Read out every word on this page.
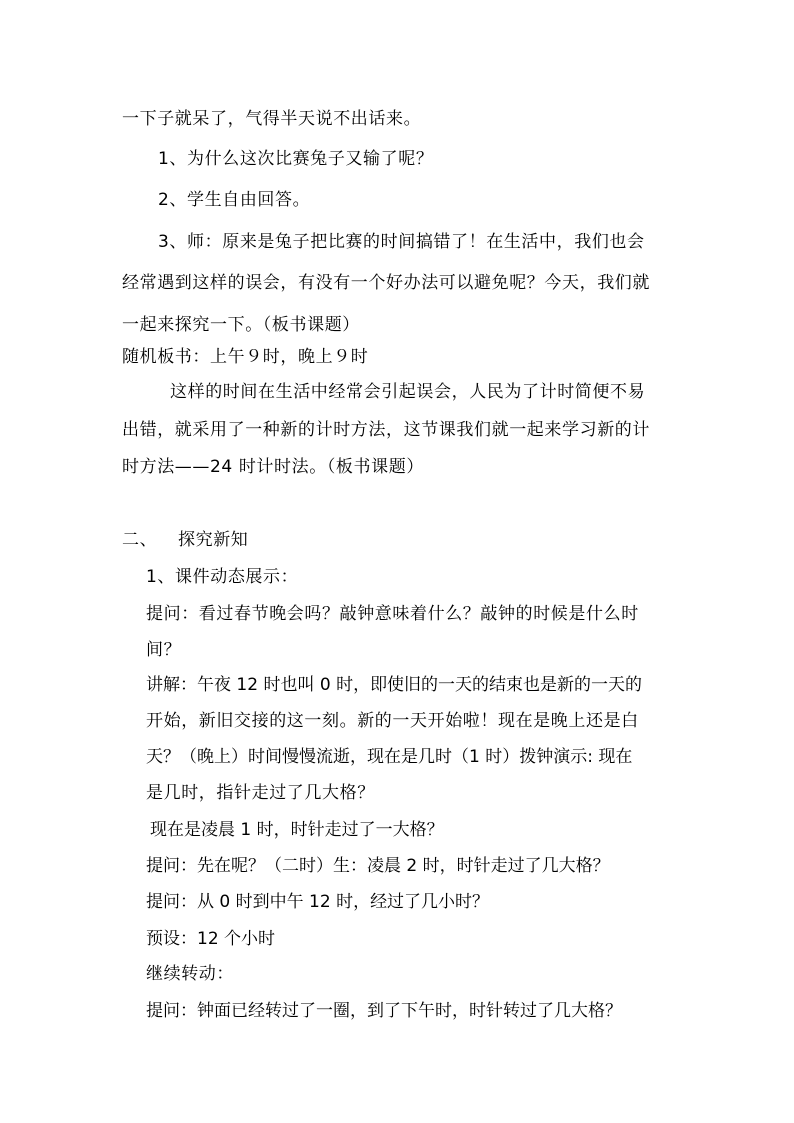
一下子就呆了，气得半天说不出话来。
1、为什么这次比赛兔子又输了呢？
2、学生自由回答。
3、师：原来是兔子把比赛的时间搞错了！在生活中，我们也会
经常遇到这样的误会，有没有一个好办法可以避免呢？今天，我们就
一起来探究一下。（板书课题）
随机板书：上午９时，晚上９时
这样的时间在生活中经常会引起误会，人民为了计时简便不易
出错，就采用了一种新的计时方法，这节课我们就一起来学习新的计
时方法——24 时计时法。（板书课题）
二、 探究新知
1、课件动态展示：
提问：看过春节晚会吗？敲钟意味着什么？敲钟的时候是什么时
间？
讲解：午夜 12 时也叫 0 时，即使旧的一天的结束也是新的一天的
开始，新旧交接的这一刻。新的一天开始啦！现在是晚上还是白
天？（晚上）时间慢慢流逝，现在是几时（1 时）拨钟演示: 现在
是几时，指针走过了几大格？
现在是凌晨 1 时，时针走过了一大格？
提问：先在呢？（二时）生：凌晨 2 时，时针走过了几大格？
提问：从 0 时到中午 12 时，经过了几小时？
预设：12 个小时
继续转动：
提问：钟面已经转过了一圈，到了下午时，时针转过了几大格？
